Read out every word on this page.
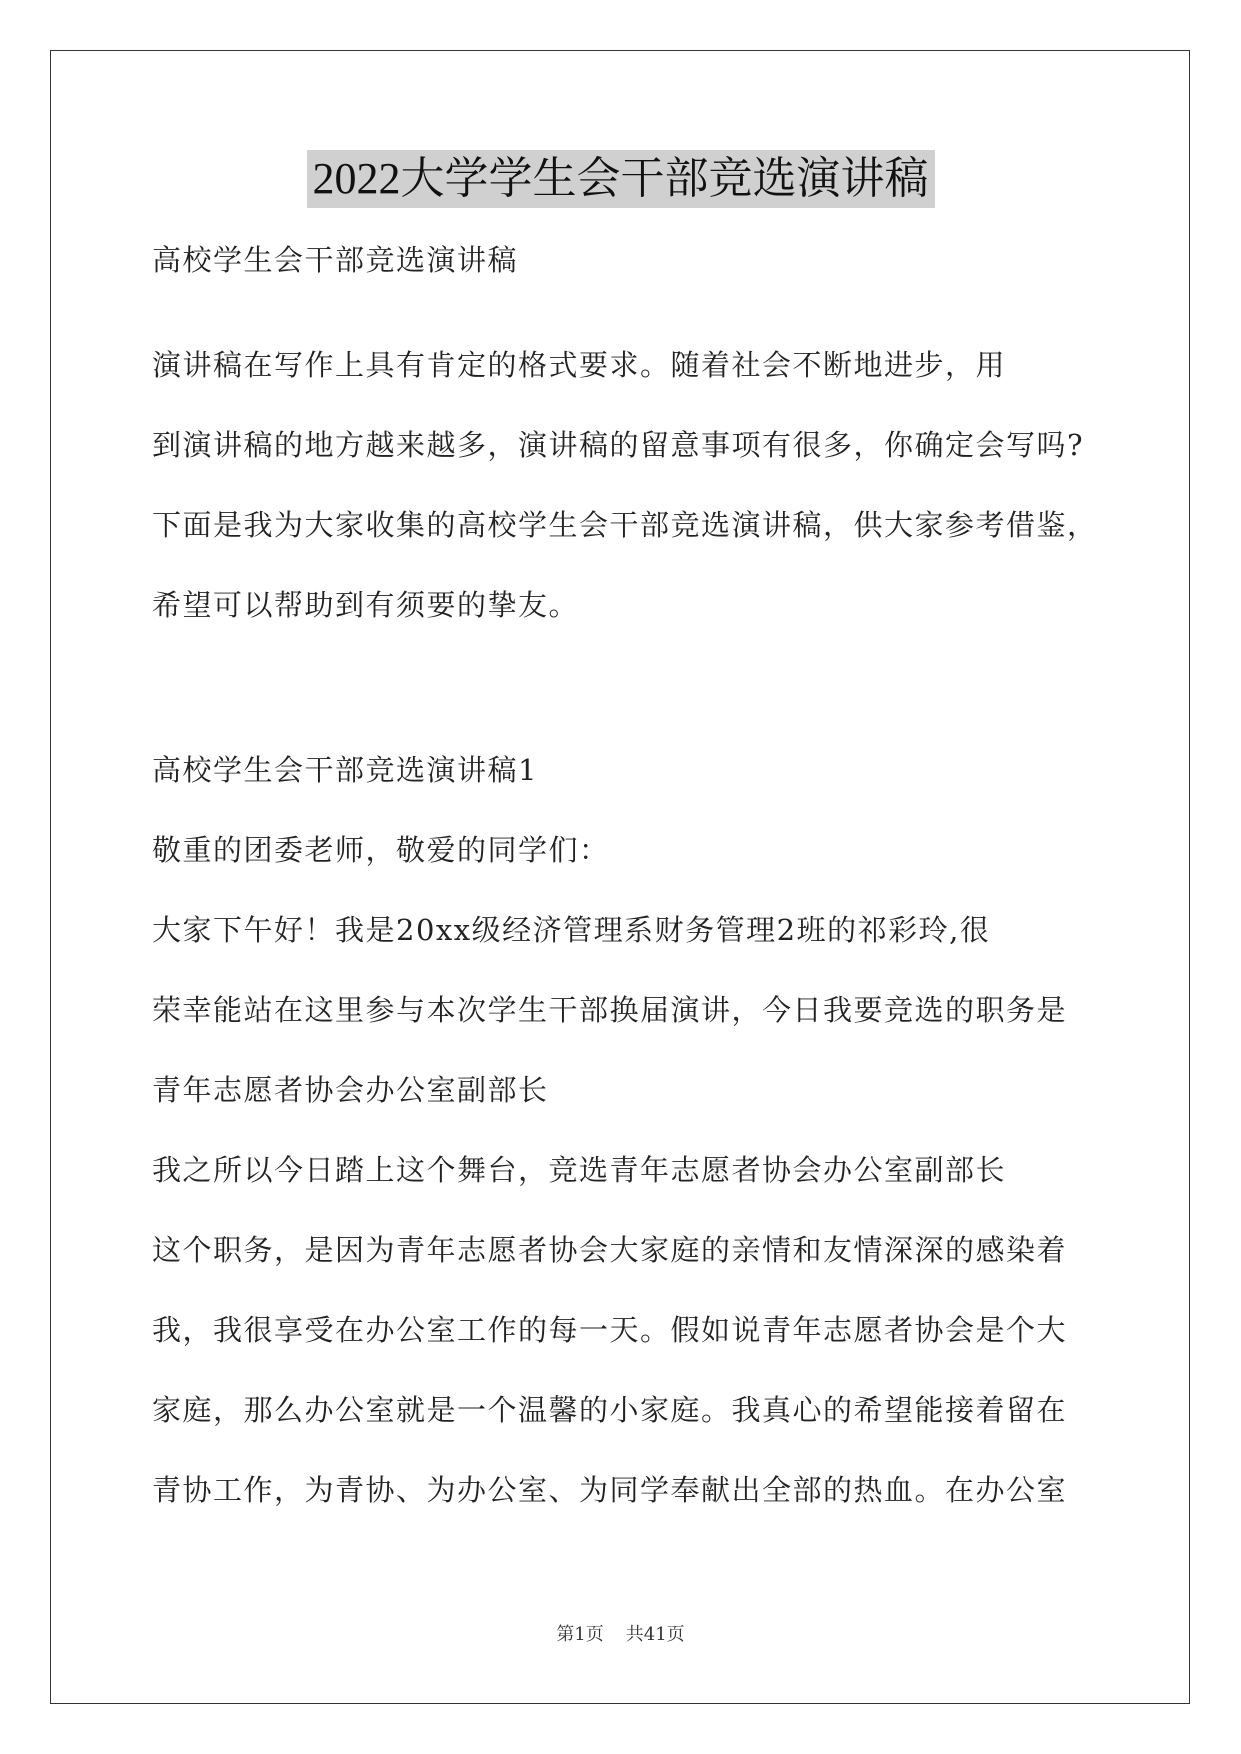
2022大学学生会干部竞选演讲稿
高校学生会干部竞选演讲稿
演讲稿在写作上具有肯定的格式要求。随着社会不断地进步，用
到演讲稿的地方越来越多，演讲稿的留意事项有很多，你确定会写吗?
下面是我为大家收集的高校学生会干部竞选演讲稿，供大家参考借鉴，
希望可以帮助到有须要的挚友。
高校学生会干部竞选演讲稿1
敬重的团委老师，敬爱的同学们：
大家下午好！我是20xx级经济管理系财务管理2班的祁彩玲,很
荣幸能站在这里参与本次学生干部换届演讲，今日我要竞选的职务是
青年志愿者协会办公室副部长
我之所以今日踏上这个舞台，竞选青年志愿者协会办公室副部长
这个职务，是因为青年志愿者协会大家庭的亲情和友情深深的感染着
我，我很享受在办公室工作的每一天。假如说青年志愿者协会是个大
家庭，那么办公室就是一个温馨的小家庭。我真心的希望能接着留在
青协工作，为青协、为办公室、为同学奉献出全部的热血。在办公室
第1页 共41页
